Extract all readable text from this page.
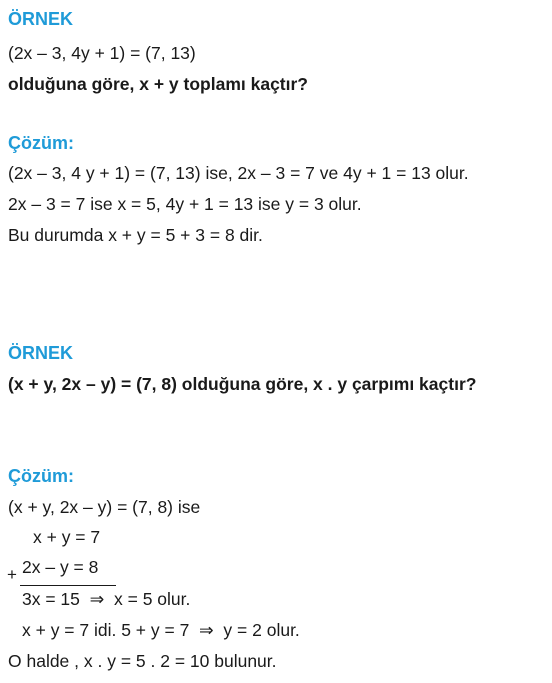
ÖRNEK
(2x – 3, 4y + 1) = (7, 13)
olduğuna göre, x + y toplamı kaçtır?
Çözüm:
(2x – 3, 4 y + 1) = (7, 13) ise, 2x – 3 = 7 ve 4y + 1 = 13 olur.
2x – 3 = 7 ise x = 5, 4y + 1 = 13 ise y = 3 olur.
Bu durumda x + y = 5 + 3 = 8 dir.
ÖRNEK
(x + y, 2x – y) = (7, 8) olduğuna göre, x . y çarpımı kaçtır?
Çözüm:
(x + y, 2x – y) = (7, 8) ise
x + y = 7
+ 2x – y = 8
3x = 15  ⇒  x = 5 olur.
x + y = 7 idi. 5 + y = 7  ⇒  y = 2 olur.
O halde , x . y = 5 . 2 = 10 bulunur.
